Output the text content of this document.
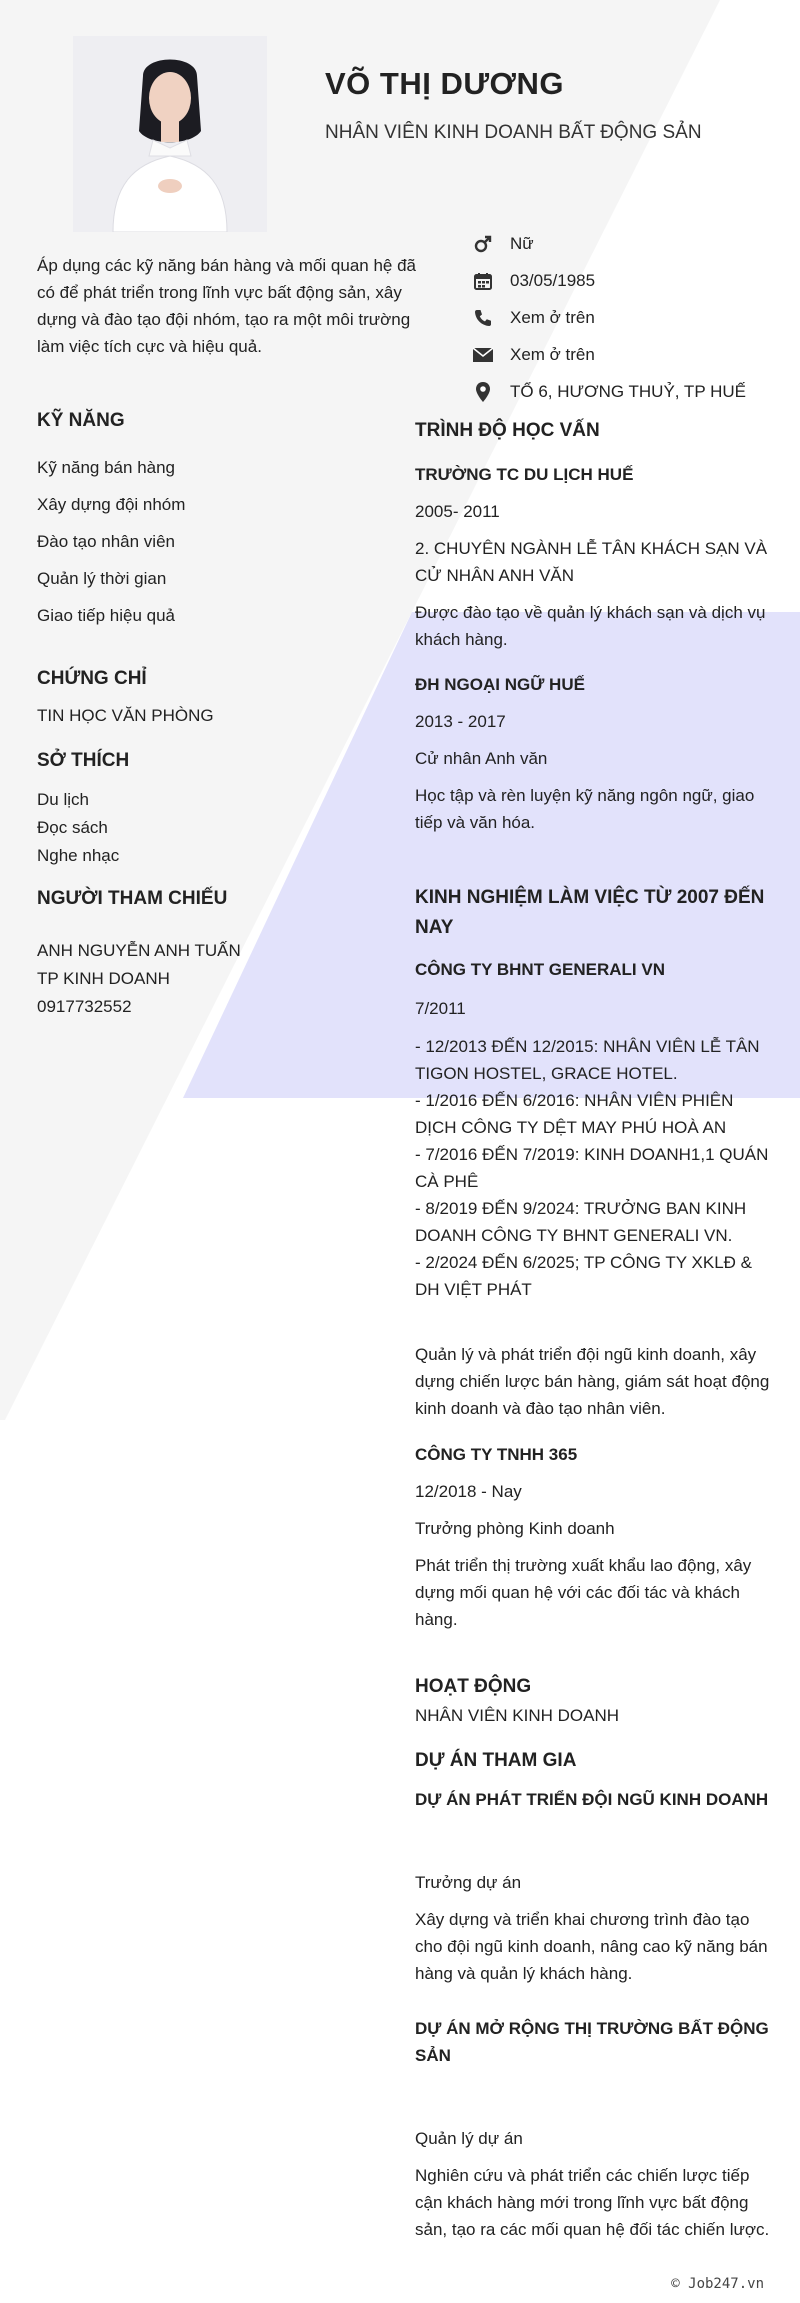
VÕ THỊ DƯƠNG
NHÂN VIÊN KINH DOANH BẤT ĐỘNG SẢN
Áp dụng các kỹ năng bán hàng và mối quan hệ đã có để phát triển trong lĩnh vực bất động sản, xây dựng và đào tạo đội nhóm, tạo ra một môi trường làm việc tích cực và hiệu quả.
Nữ
03/05/1985
Xem ở trên
Xem ở trên
TỔ 6, HƯƠNG THUỶ, TP HUẾ
KỸ NĂNG
Kỹ năng bán hàng
Xây dựng đội nhóm
Đào tạo nhân viên
Quản lý thời gian
Giao tiếp hiệu quả
CHỨNG CHỈ
TIN HỌC VĂN PHÒNG
SỞ THÍCH
Du lịch
Đọc sách
Nghe nhạc
NGƯỜI THAM CHIẾU
ANH NGUYỄN ANH TUẤN
TP KINH DOANH
0917732552
TRÌNH ĐỘ HỌC VẤN
TRƯỜNG TC DU LỊCH HUẾ
2005- 2011
2. CHUYÊN NGÀNH LỄ TÂN KHÁCH SẠN VÀ CỬ NHÂN ANH VĂN
Được đào tạo về quản lý khách sạn và dịch vụ khách hàng.
ĐH NGOẠI NGỮ HUẾ
2013 - 2017
Cử nhân Anh văn
Học tập và rèn luyện kỹ năng ngôn ngữ, giao tiếp và văn hóa.
KINH NGHIỆM LÀM VIỆC TỪ 2007 ĐẾN NAY
CÔNG TY BHNT GENERALI VN
7/2011
- 12/2013 ĐẾN 12/2015: NHÂN VIÊN LỄ TÂN TIGON HOSTEL, GRACE HOTEL.
- 1/2016 ĐẾN 6/2016: NHÂN VIÊN PHIÊN DỊCH CÔNG TY DỆT MAY PHÚ HOÀ AN
- 7/2016 ĐẾN 7/2019: KINH DOANH1,1 QUÁN CÀ PHÊ
- 8/2019 ĐẾN 9/2024: TRƯỞNG BAN KINH DOANH CÔNG TY BHNT GENERALI VN.
- 2/2024 ĐẾN 6/2025; TP CÔNG TY XKLĐ & DH VIỆT PHÁT
Quản lý và phát triển đội ngũ kinh doanh, xây dựng chiến lược bán hàng, giám sát hoạt động kinh doanh và đào tạo nhân viên.
CÔNG TY TNHH 365
12/2018 - Nay
Trưởng phòng Kinh doanh
Phát triển thị trường xuất khẩu lao động, xây dựng mối quan hệ với các đối tác và khách hàng.
HOẠT ĐỘNG
NHÂN VIÊN KINH DOANH
DỰ ÁN THAM GIA
DỰ ÁN PHÁT TRIỂN ĐỘI NGŨ KINH DOANH
Trưởng dự án
Xây dựng và triển khai chương trình đào tạo cho đội ngũ kinh doanh, nâng cao kỹ năng bán hàng và quản lý khách hàng.
DỰ ÁN MỞ RỘNG THỊ TRƯỜNG BẤT ĐỘNG SẢN
Quản lý dự án
Nghiên cứu và phát triển các chiến lược tiếp cận khách hàng mới trong lĩnh vực bất động sản, tạo ra các mối quan hệ đối tác chiến lược.
© Job247.vn
